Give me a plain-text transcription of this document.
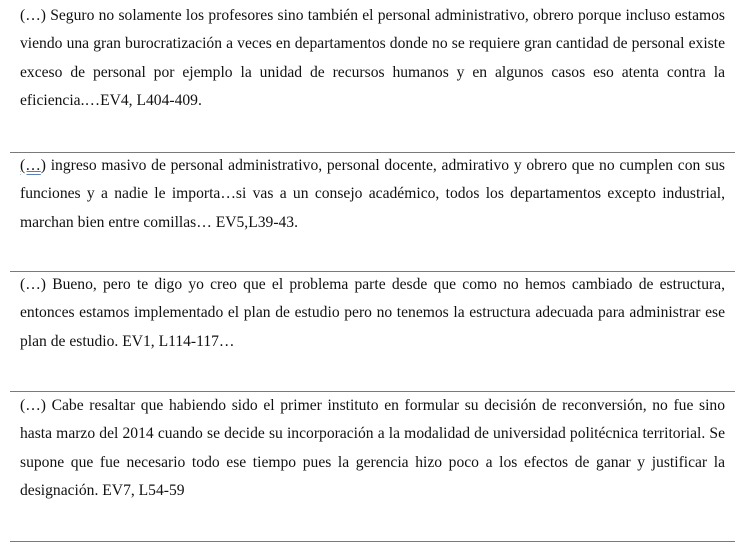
(…) Seguro no solamente los profesores sino también el personal administrativo, obrero porque incluso estamos viendo una gran burocratización a veces en departamentos donde no se requiere gran cantidad de personal existe exceso de personal por ejemplo la unidad de recursos humanos y en algunos casos eso atenta contra la eficiencia.…EV4, L404-409.

(…) ingreso masivo de personal administrativo, personal docente, admirativo y obrero que no cumplen con sus funciones y a nadie le importa…si vas a un consejo académico, todos los departamentos excepto industrial, marchan bien entre comillas… EV5,L39-43.

(…) Bueno, pero te digo yo creo que el problema parte desde que como no hemos cambiado de estructura, entonces estamos implementado el plan de estudio pero no tenemos la estructura adecuada para administrar ese plan de estudio. EV1, L114-117…

(…) Cabe resaltar que habiendo sido el primer instituto en formular su decisión de reconversión, no fue sino hasta marzo del 2014 cuando se decide su incorporación a la modalidad de universidad politécnica territorial. Se supone que fue necesario todo ese tiempo pues la gerencia hizo poco a los efectos de ganar y justificar la designación. EV7, L54-59
